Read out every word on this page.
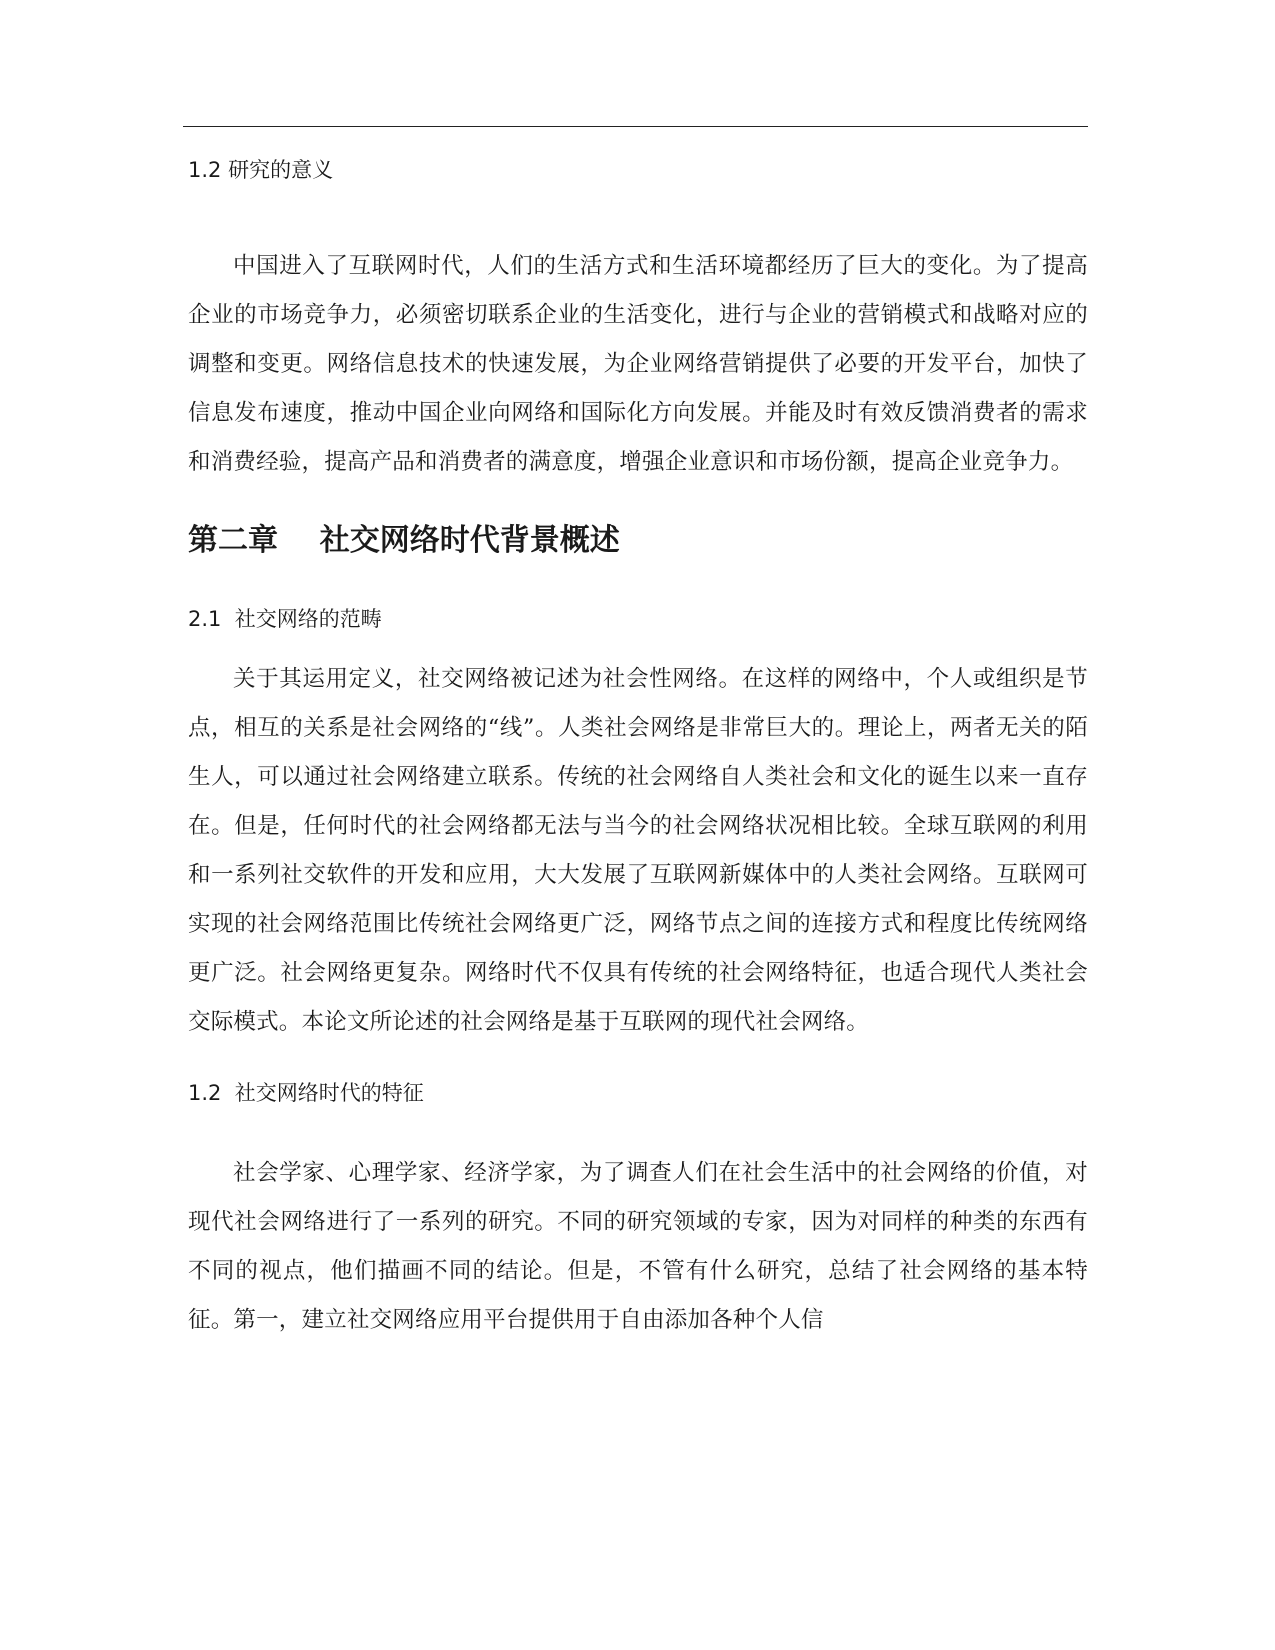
1.2 研究的意义

中国进入了互联网时代，人们的生活方式和生活环境都经历了巨大的变化。为了提高企业的市场竞争力，必须密切联系企业的生活变化，进行与企业的营销模式和战略对应的调整和变更。网络信息技术的快速发展，为企业网络营销提供了必要的开发平台，加快了信息发布速度，推动中国企业向网络和国际化方向发展。并能及时有效反馈消费者的需求和消费经验，提高产品和消费者的满意度，增强企业意识和市场份额，提高企业竞争力。

第二章    社交网络时代背景概述
2.1  社交网络的范畴

关于其运用定义，社交网络被记述为社会性网络。在这样的网络中，个人或组织是节点，相互的关系是社会网络的“线”。人类社会网络是非常巨大的。理论上，两者无关的陌生人，可以通过社会网络建立联系。传统的社会网络自人类社会和文化的诞生以来一直存在。但是，任何时代的社会网络都无法与当今的社会网络状况相比较。全球互联网的利用和一系列社交软件的开发和应用，大大发展了互联网新媒体中的人类社会网络。互联网可实现的社会网络范围比传统社会网络更广泛，网络节点之间的连接方式和程度比传统网络更广泛。社会网络更复杂。网络时代不仅具有传统的社会网络特征，也适合现代人类社会交际模式。本论文所论述的社会网络是基于互联网的现代社会网络。

1.2  社交网络时代的特征

社会学家、心理学家、经济学家，为了调查人们在社会生活中的社会网络的价值，对现代社会网络进行了一系列的研究。不同的研究领域的专家，因为对同样的种类的东西有不同的视点，他们描画不同的结论。但是，不管有什么研究，总结了社会网络的基本特征。第一，建立社交网络应用平台提供用于自由添加各种个人信
